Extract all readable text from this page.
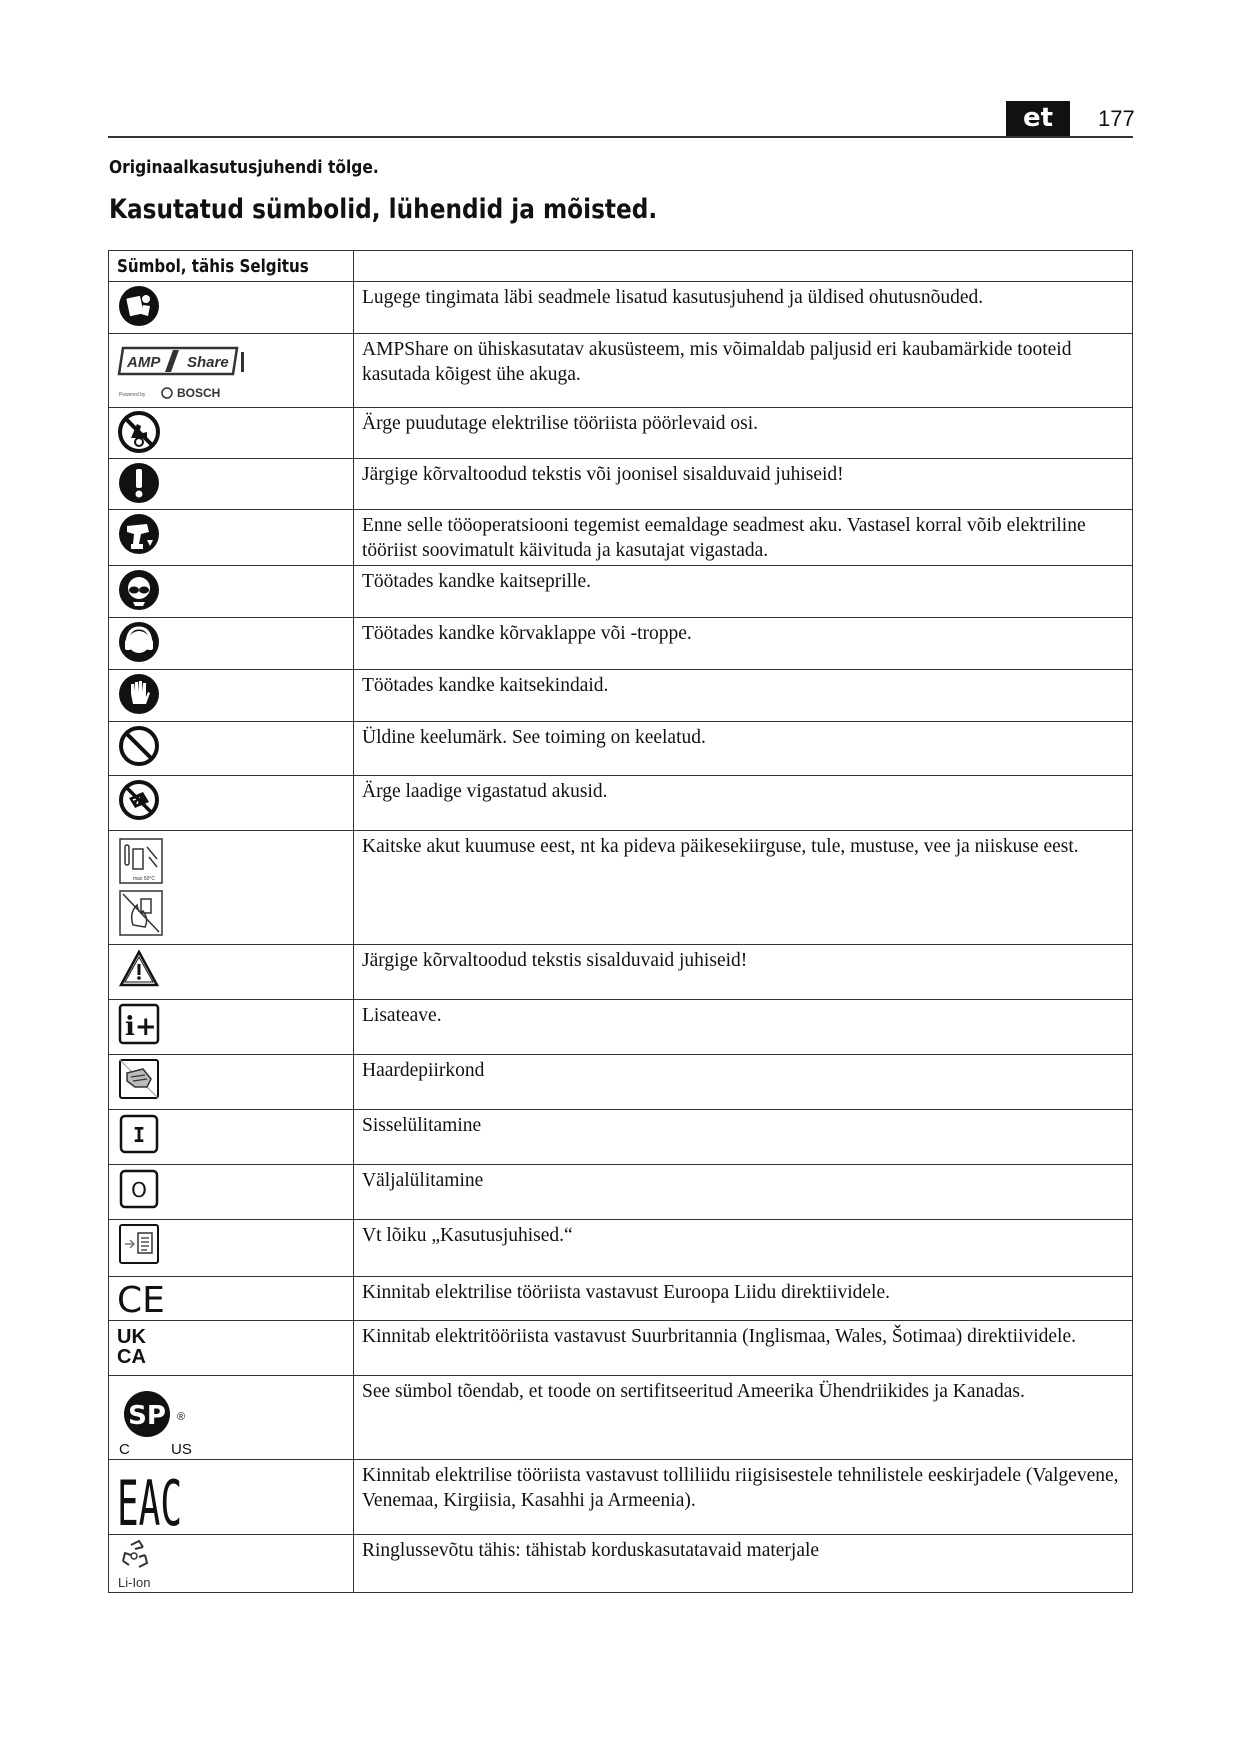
et	177
Originaalkasutusjuhendi tõlge.
Kasutatud sümbolid, lühendid ja mõisted.
Sümbol, tähis Selgitus	

	Lugege tingimata läbi seadmele lisatud kasutusjuhend ja üldised ohutusnõuded.

AMP Share
Powered by BOSCH	AMPShare on ühiskasutatav akusüsteem, mis võimaldab paljusid eri kaubamärkide tooteid kasutada kõigest ühe akuga.

	Ärge puudutage elektrilise tööriista pöörlevaid osi.

	Järgige kõrvaltoodud tekstis või joonisel sisalduvaid juhiseid!

	Enne selle tööoperatsiooni tegemist eemaldage seadmest aku. Vastasel korral võib elektriline tööriist soovimatult käivituda ja kasutajat vigastada.

	Töötades kandke kaitseprille.

	Töötades kandke kõrvaklappe või -troppe.

	Töötades kandke kaitsekindaid.

	Üldine keelumärk. See toiming on keelatud.

	Ärge laadige vigastatud akusid.

max 50°C	Kaitske akut kuumuse eest, nt ka pideva päikesekiirguse, tule, mustuse, vee ja niiskuse eest.

	Järgige kõrvaltoodud tekstis sisalduvaid juhiseid!

i+	Lisateave.

	Haardepiirkond

I	Sisselülitamine

O	Väljalülitamine

	Vt lõiku „Kasutusjuhised.“

CE	Kinnitab elektrilise tööriista vastavust Euroopa Liidu direktiividele.

UK
CA	Kinnitab elektritööriista vastavust Suurbritannia (Inglismaa, Wales, Šotimaa) direktiividele.

SP ®
C US	See sümbol tõendab, et toode on sertifitseeritud Ameerika Ühendriikides ja Kanadas.

EAC	Kinnitab elektrilise tööriista vastavust tolliliidu riigisisestele tehnilistele eeskirjadele (Valgevene, Venemaa, Kirgiisia, Kasahhi ja Armeenia).

Li-Ion	Ringlussevõtu tähis: tähistab korduskasutatavaid materjale
